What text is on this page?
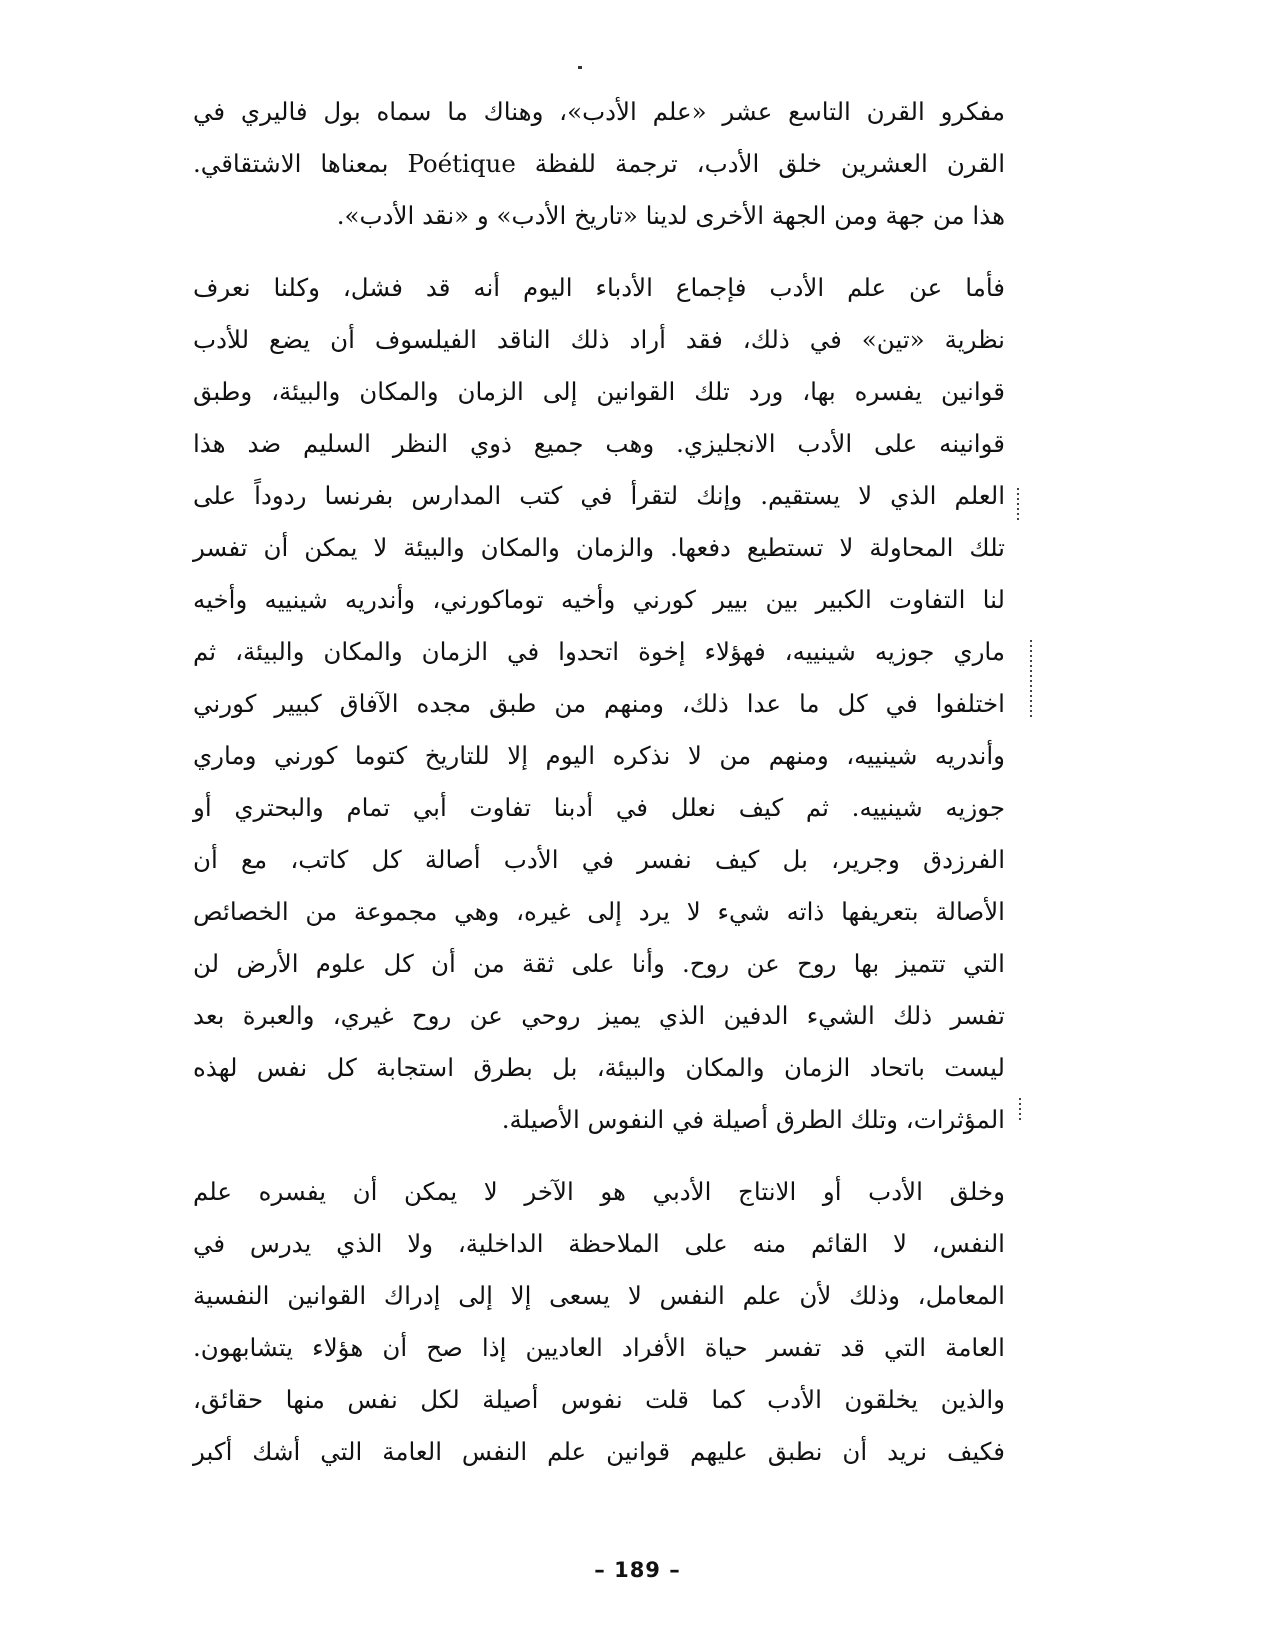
مفكرو القرن التاسع عشر «علم الأدب»، وهناك ما سماه بول فاليري في
القرن العشرين خلق الأدب، ترجمة للفظة Poétique بمعناها الاشتقاقي.
هذا من جهة ومن الجهة الأخرى لدينا «تاريخ الأدب» و «نقد الأدب».
فأما عن علم الأدب فإجماع الأدباء اليوم أنه قد فشل، وكلنا نعرف
نظرية «تين» في ذلك، فقد أراد ذلك الناقد الفيلسوف أن يضع للأدب
قوانين يفسره بها، ورد تلك القوانين إلى الزمان والمكان والبيئة، وطبق
قوانينه على الأدب الانجليزي. وهب جميع ذوي النظر السليم ضد هذا
العلم الذي لا يستقيم. وإنك لتقرأ في كتب المدارس بفرنسا ردوداً على
تلك المحاولة لا تستطيع دفعها. والزمان والمكان والبيئة لا يمكن أن تفسر
لنا التفاوت الكبير بين بيير كورني وأخيه توماكورني، وأندريه شينييه وأخيه
ماري جوزيه شينييه، فهؤلاء إخوة اتحدوا في الزمان والمكان والبيئة، ثم
اختلفوا في كل ما عدا ذلك، ومنهم من طبق مجده الآفاق كبيير كورني
وأندريه شينييه، ومنهم من لا نذكره اليوم إلا للتاريخ كتوما كورني وماري
جوزيه شينييه. ثم كيف نعلل في أدبنا تفاوت أبي تمام والبحتري أو
الفرزدق وجرير، بل كيف نفسر في الأدب أصالة كل كاتب، مع أن
الأصالة بتعريفها ذاته شيء لا يرد إلى غيره، وهي مجموعة من الخصائص
التي تتميز بها روح عن روح. وأنا على ثقة من أن كل علوم الأرض لن
تفسر ذلك الشيء الدفين الذي يميز روحي عن روح غيري، والعبرة بعد
ليست باتحاد الزمان والمكان والبيئة، بل بطرق استجابة كل نفس لهذه
المؤثرات، وتلك الطرق أصيلة في النفوس الأصيلة.
وخلق الأدب أو الانتاج الأدبي هو الآخر لا يمكن أن يفسره علم
النفس، لا القائم منه على الملاحظة الداخلية، ولا الذي يدرس في
المعامل، وذلك لأن علم النفس لا يسعى إلا إلى إدراك القوانين النفسية
العامة التي قد تفسر حياة الأفراد العاديين إذا صح أن هؤلاء يتشابهون.
والذين يخلقون الأدب كما قلت نفوس أصيلة لكل نفس منها حقائق،
فكيف نريد أن نطبق عليهم قوانين علم النفس العامة التي أشك أكبر
– 189 –
